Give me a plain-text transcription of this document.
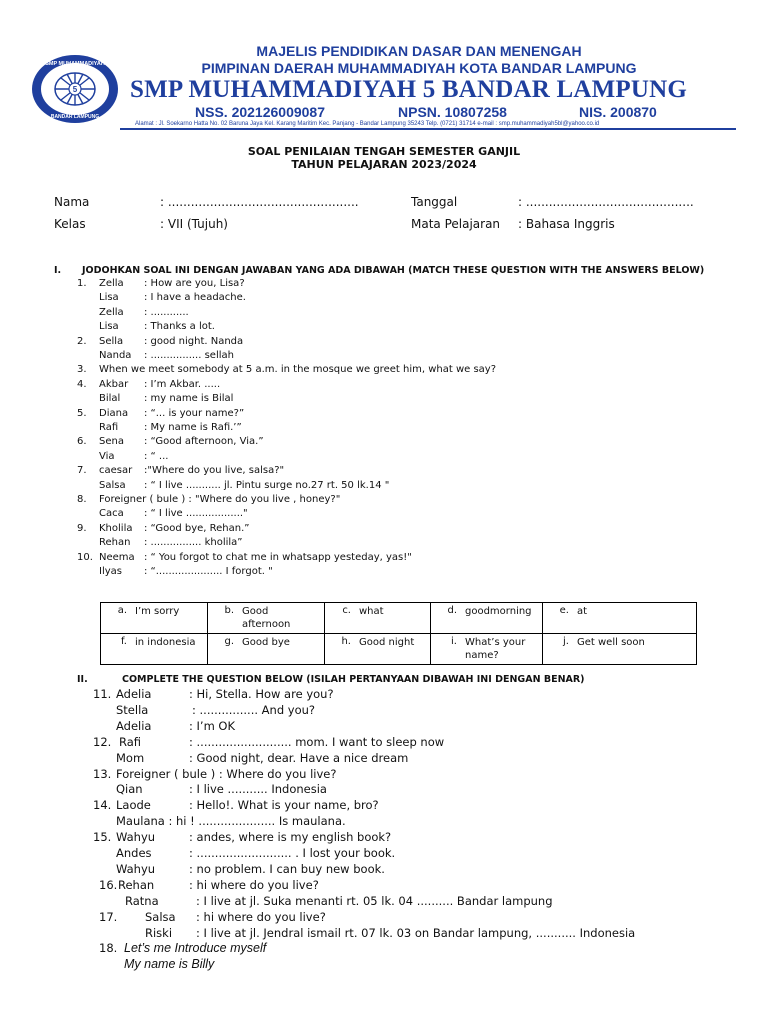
5
SMP MUHAMMADIYAH
BANDAR LAMPUNG
MAJELIS PENDIDIKAN DASAR DAN MENENGAH
PIMPINAN DAERAH MUHAMMADIYAH KOTA BANDAR LAMPUNG
SMP MUHAMMADIYAH 5 BANDAR LAMPUNG
NSS. 202126009087	NPSN. 10807258	NIS. 200870
Alamat : Jl. Soekarno Hatta No. 02 Baruna Jaya Kel. Karang Maritim Kec. Panjang - Bandar Lampung 35243 Telp. (0721) 31714 e-mail : smp.muhammadiyah5bl@yahoo.co.id
SOAL PENILAIAN TENGAH SEMESTER GANJIL
TAHUN PELAJARAN 2023/2024
Nama	: ..................................................	Tanggal	: ............................................
Kelas	: VII (Tujuh)	Mata Pelajaran : Bahasa Inggris
I. JODOHKAN SOAL INI DENGAN JAWABAN YANG ADA DIBAWAH (MATCH THESE QUESTION WITH THE ANSWERS BELOW)
1. Zella : How are you, Lisa?
Lisa	: I have a headache.
Zella : ............
Lisa	: Thanks a lot.
2. Sella : good night. Nanda
Nanda : ................ sellah
3. When we meet somebody at 5 a.m. in the mosque we greet him, what we say?
4. Akbar : I’m Akbar. .....
Bilal : my name is Bilal
5. Diana : “... is your name?”
Rafi	: My name is Rafi.’”
6. Sena : “Good afternoon, Via.”
Via	: “ ...
7. caesar :"Where do you live, salsa?"
Salsa : “ I live ........... jl. Pintu surge no.27 rt. 50 lk.14 "
8. Foreigner ( bule ) : "Where do you live , honey?"
Caca : “ I live .................."
9. Kholila : “Good bye, Rehan.”
Rehan : ................ kholila”
10. Neema : “ You forgot to chat me in whatsapp yesteday, yas!"
Ilyas : “..................... I forgot. "
a. I’m sorry	b. Good afternoon	c. what	d. goodmorning	e. at

f. in indonesia	g. Good bye	h. Good night	i. What’s your name?	j. Get well soon
II.	COMPLETE THE QUESTION BELOW (ISILAH PERTANYAAN DIBAWAH INI DENGAN BENAR)
11. Adelia	: Hi, Stella. How are you?
Stella	: ................ And you?
Adelia	: I’m OK
12. Rafi	: .......................... mom. I want to sleep now
Mom	: Good night, dear. Have a nice dream
13. Foreigner ( bule ) : Where do you live?
Qian	: I live ........... Indonesia
14. Laode	: Hello!. What is your name, bro?
Maulana : hi ! ..................... Is maulana.
15. Wahyu	: andes, where is my english book?
Andes	: .......................... . I lost your book.
Wahyu	: no problem. I can buy new book.
16. Rehan	: hi where do you live?
Ratna	: I live at jl. Suka menanti rt. 05 lk. 04 .......... Bandar lampung
17. Salsa : hi where do you live?
Riski : I live at jl. Jendral ismail rt. 07 lk. 03 on Bandar lampung, ........... Indonesia
18. Let’s me Introduce myself
My name is Billy
